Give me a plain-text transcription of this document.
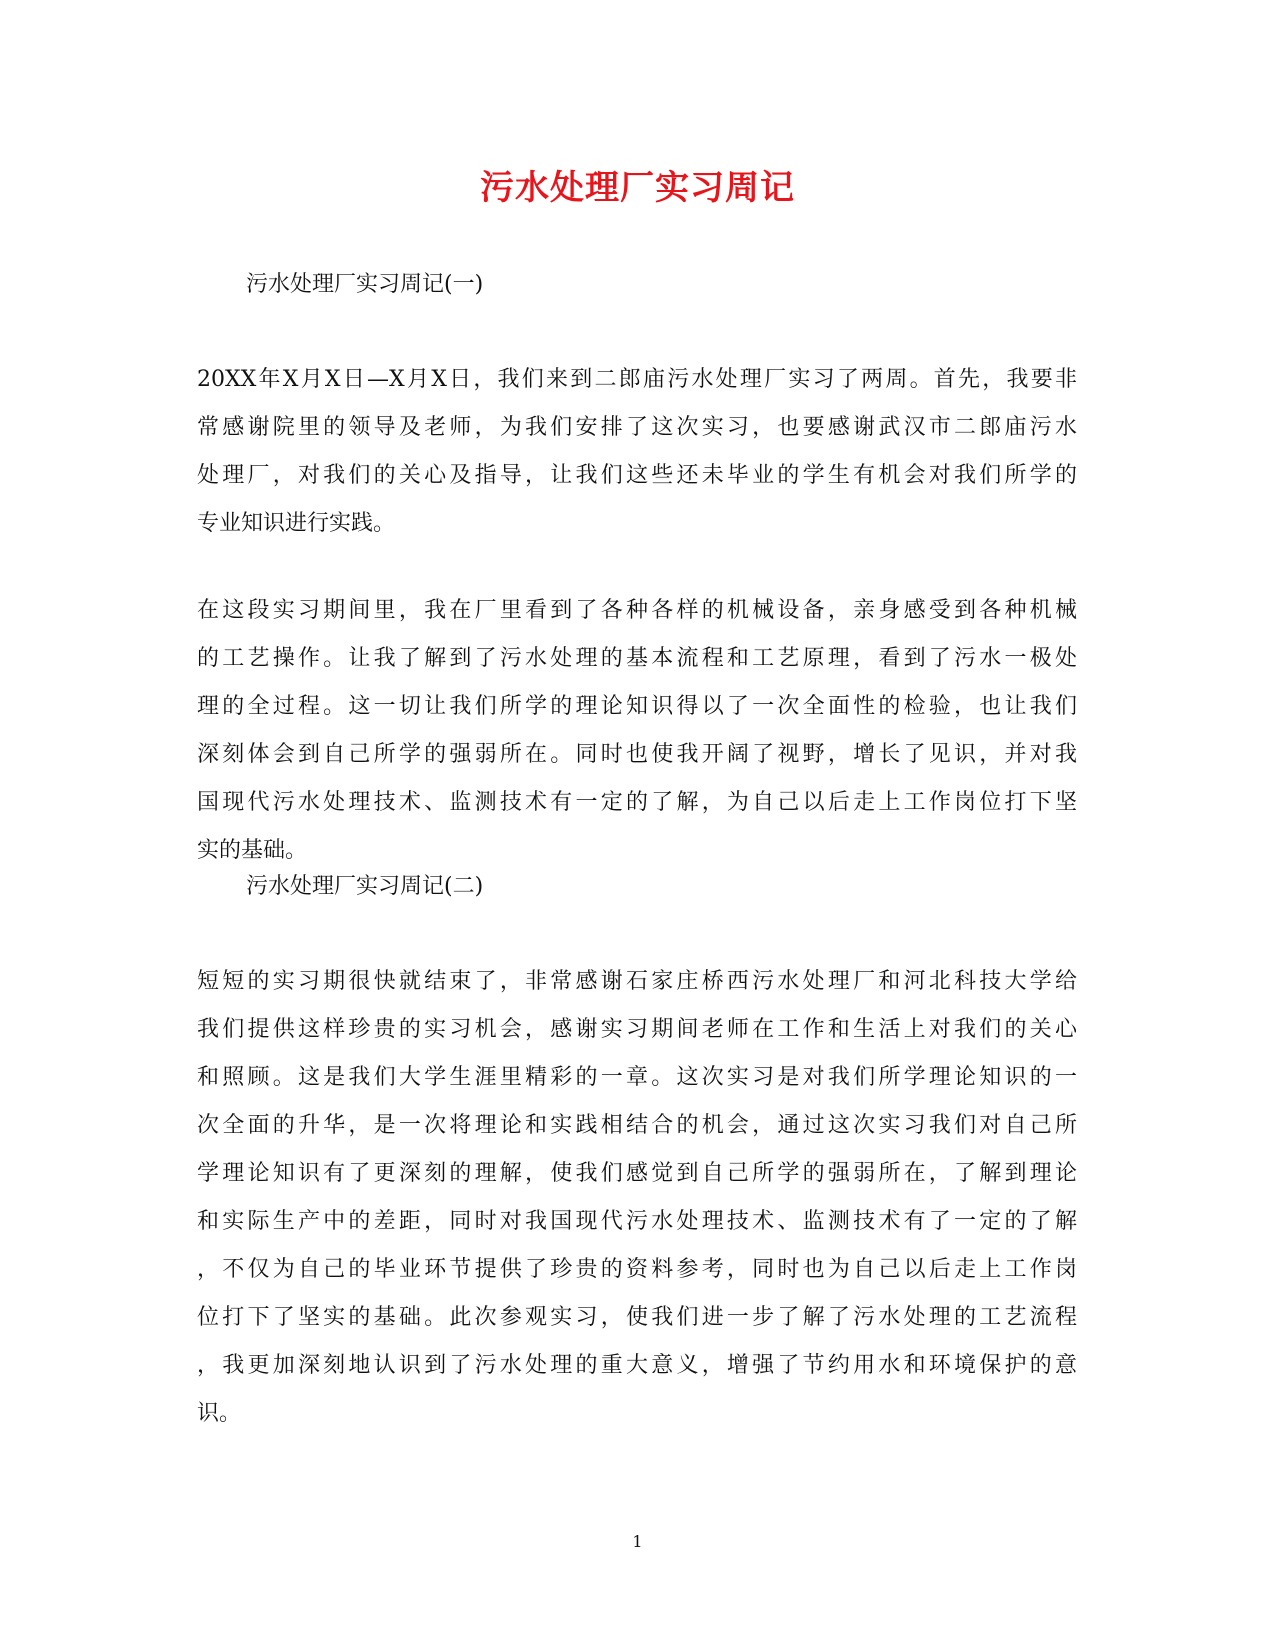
污水处理厂实习周记
污水处理厂实习周记(一)
20XX年X月X日—X月X日，我们来到二郎庙污水处理厂实习了两周。首先，我要非
常感谢院里的领导及老师，为我们安排了这次实习，也要感谢武汉市二郎庙污水
处理厂，对我们的关心及指导，让我们这些还未毕业的学生有机会对我们所学的
专业知识进行实践。
在这段实习期间里，我在厂里看到了各种各样的机械设备，亲身感受到各种机械
的工艺操作。让我了解到了污水处理的基本流程和工艺原理，看到了污水一极处
理的全过程。这一切让我们所学的理论知识得以了一次全面性的检验，也让我们
深刻体会到自己所学的强弱所在。同时也使我开阔了视野，增长了见识，并对我
国现代污水处理技术、监测技术有一定的了解，为自己以后走上工作岗位打下坚
实的基础。
污水处理厂实习周记(二)
短短的实习期很快就结束了，非常感谢石家庄桥西污水处理厂和河北科技大学给
我们提供这样珍贵的实习机会，感谢实习期间老师在工作和生活上对我们的关心
和照顾。这是我们大学生涯里精彩的一章。这次实习是对我们所学理论知识的一
次全面的升华，是一次将理论和实践相结合的机会，通过这次实习我们对自己所
学理论知识有了更深刻的理解，使我们感觉到自己所学的强弱所在，了解到理论
和实际生产中的差距，同时对我国现代污水处理技术、监测技术有了一定的了解
，不仅为自己的毕业环节提供了珍贵的资料参考，同时也为自己以后走上工作岗
位打下了坚实的基础。此次参观实习，使我们进一步了解了污水处理的工艺流程
，我更加深刻地认识到了污水处理的重大意义，增强了节约用水和环境保护的意
识。
1
